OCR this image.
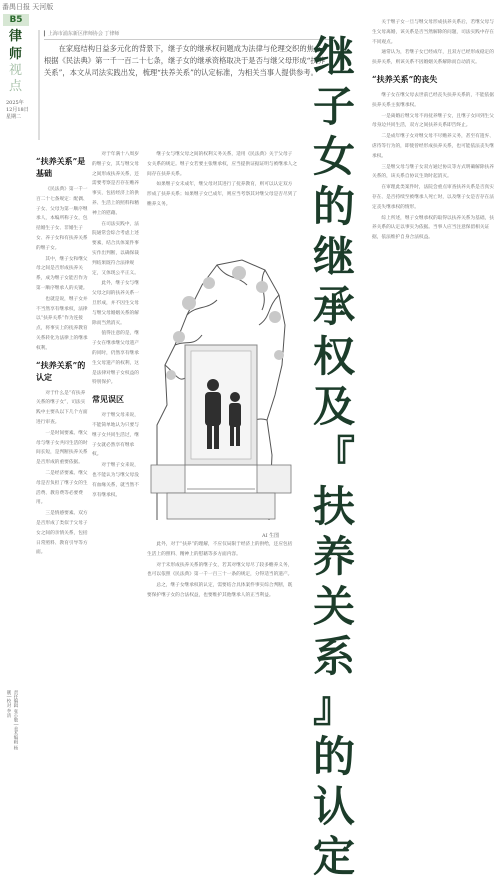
番禺日报 天河版
B5
律
师
视
点
2025年12月18日 星期二
▎上海市浦东新区律师协会 丁律师

在家庭结构日益多元化的背景下，继子女的继承权问题成为法律与伦理交织的焦点。根据《民法典》第一千一百二十七条，继子女的继承资格取决于是否与继父母形成“扶养关系”，本文从司法实践出发，梳理“扶养关系”的认定标准，为相关当事人提供参考。

“扶养关系”是基础

《民法典》第一千一百二十七条规定：配偶、子女、父母为第一顺序继承人，本编所称子女，包括婚生子女、非婚生子女、养子女和有扶养关系的继子女。

其中，继子女和继父母之间是否形成扶养关系，成为继子女能否作为第一顺序继承人的关键。

也就是说，继子女并不当然享有继承权，法律以“扶养关系”作为连接点，将事实上的抚养教育关系转化为法律上的继承权利。

“扶养关系”的认定

对于什么是“有扶养关系的继子女”，司法实践中主要从以下几个方面进行审查。

一是时间要素。继父母与继子女共同生活的时间长短，是判断扶养关系是否形成的重要依据。

二是经济要素。继父母是否负担了继子女的生活费、教育费等必要费用。

三是情感要素。双方是否形成了类似于父母子女之间的亲情关系，包括日常照料、教育引导等方面。

对于年满十八周岁的继子女，其与继父母之间形成扶养关系，还需要考察是否存在赡养事实，包括经济上的供养、生活上的照料和精神上的慰藉。

在司法实践中，法院通常会综合考虑上述要素，结合具体案件事实作出判断，以确保裁判结果既符合法律规定，又体现公平正义。

此外，继子女与继父母之间的扶养关系一旦形成，并不因生父母与继父母婚姻关系的解除而当然消灭。

值得注意的是，继子女在继承继父母遗产的同时，仍然享有继承生父母遗产的权利，这是法律对继子女权益的特别保护。

常见误区

对于继父母来说，不能简单地认为只要与继子女共同生活过，继子女就必然享有继承权。

对于继子女来说，也不能认为与继父母没有血缘关系，就当然不享有继承权。

继子女与继父母之间的权利义务关系，适用《民法典》关于父母子女关系的规定。继子女若要主张继承权，应当提供证据证明与被继承人之间存在扶养关系。

如果继子女未成年，继父母对其进行了抚养教育，则可以认定双方形成了扶养关系；如果继子女已成年，则应当考察其对继父母是否尽到了赡养义务。

此外，对于“扶养”的理解，不应仅局限于经济上的供给，还应包括生活上的照料、精神上的慰藉等多方面内容。

对于未形成扶养关系的继子女，若其对继父母尽了较多赡养义务，也可以依照《民法典》第一千一百三十一条的规定，分得适当的遗产。

总之，继子女继承权的认定，需要结合具体案件事实综合判断，既要保护继子女的合法权益，也要维护其他继承人的正当利益。

AI 生图
继
子
女
的
继
承
权
及
『
扶
养
关
系
』
的
认
定

关于继子女一旦与继父母形成扶养关系后，若继父母与生父母离婚，该关系是否当然解除的问题，司法实践中存在不同观点。

通常认为，若继子女已经成年，且双方已经形成稳定的扶养关系，则该关系不因婚姻关系解除而自动消灭。

“扶养关系”的丧失

继子女在继父母去世前已经丧失扶养关系的，不能依据扶养关系主张继承权。

一是离婚后继父母不再抚养继子女，且继子女回到生父母身边共同生活，双方之间扶养关系即告终止。

二是成年继子女对继父母不尽赡养义务，甚至有遗弃、虐待等行为的，即使曾经形成扶养关系，也可能依法丧失继承权。

三是继父母与继子女双方通过协议等方式明确解除扶养关系的，该关系自协议生效时起消灭。

在审理此类案件时，法院会重点审查扶养关系是否真实存在、是否持续至被继承人死亡时，以及继子女是否存在法定丧失继承权的情形。

综上所述，继子女继承权的取得以扶养关系为基础，扶养关系的认定以事实为依据。当事人应当注意保留相关证据，依法维护自身合法权益。

责任编辑 张小敏 | 美术编辑 杨靓 | 校对 李清
